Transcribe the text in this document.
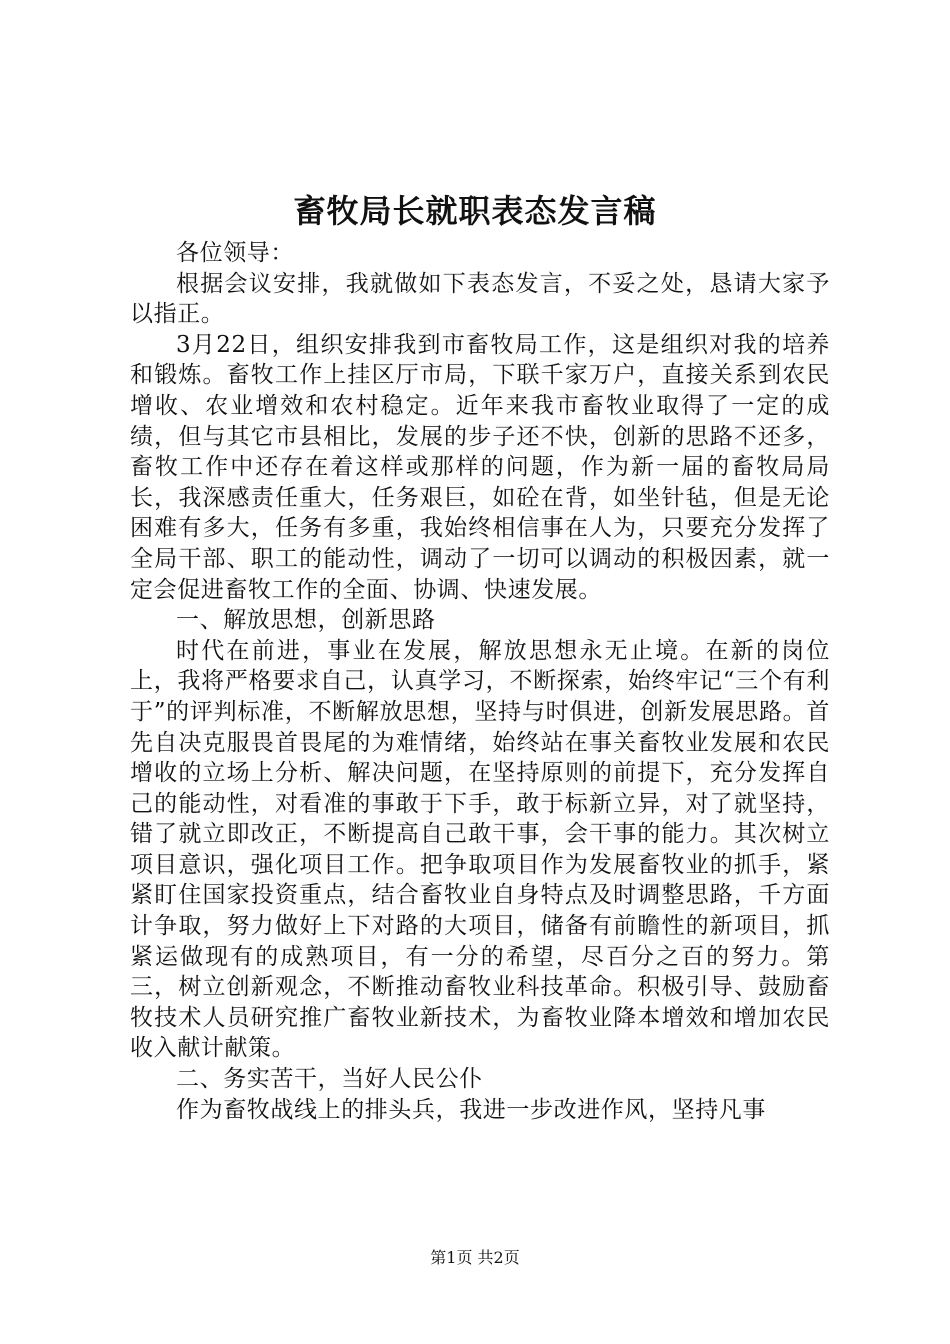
畜牧局长就职表态发言稿

各位领导：

根据会议安排，我就做如下表态发言，不妥之处，恳请大家予以指正。

3月22日，组织安排我到市畜牧局工作，这是组织对我的培养和锻炼。畜牧工作上挂区厅市局，下联千家万户，直接关系到农民增收、农业增效和农村稳定。近年来我市畜牧业取得了一定的成绩，但与其它市县相比，发展的步子还不快，创新的思路不还多，畜牧工作中还存在着这样或那样的问题，作为新一届的畜牧局局长，我深感责任重大，任务艰巨，如砼在背，如坐针毡，但是无论困难有多大，任务有多重，我始终相信事在人为，只要充分发挥了全局干部、职工的能动性，调动了一切可以调动的积极因素，就一定会促进畜牧工作的全面、协调、快速发展。

一、解放思想，创新思路

时代在前进，事业在发展，解放思想永无止境。在新的岗位上，我将严格要求自己，认真学习，不断探索，始终牢记“三个有利于”的评判标准，不断解放思想，坚持与时俱进，创新发展思路。首先自决克服畏首畏尾的为难情绪，始终站在事关畜牧业发展和农民增收的立场上分析、解决问题，在坚持原则的前提下，充分发挥自己的能动性，对看准的事敢于下手，敢于标新立异，对了就坚持，错了就立即改正，不断提高自己敢干事，会干事的能力。其次树立项目意识，强化项目工作。把争取项目作为发展畜牧业的抓手，紧紧盯住国家投资重点，结合畜牧业自身特点及时调整思路，千方面计争取，努力做好上下对路的大项目，储备有前瞻性的新项目，抓紧运做现有的成熟项目，有一分的希望，尽百分之百的努力。第三，树立创新观念，不断推动畜牧业科技革命。积极引导、鼓励畜牧技术人员研究推广畜牧业新技术，为畜牧业降本增效和增加农民收入献计献策。

二、务实苦干，当好人民公仆

作为畜牧战线上的排头兵，我进一步改进作风，坚持凡事

第1页 共2页
